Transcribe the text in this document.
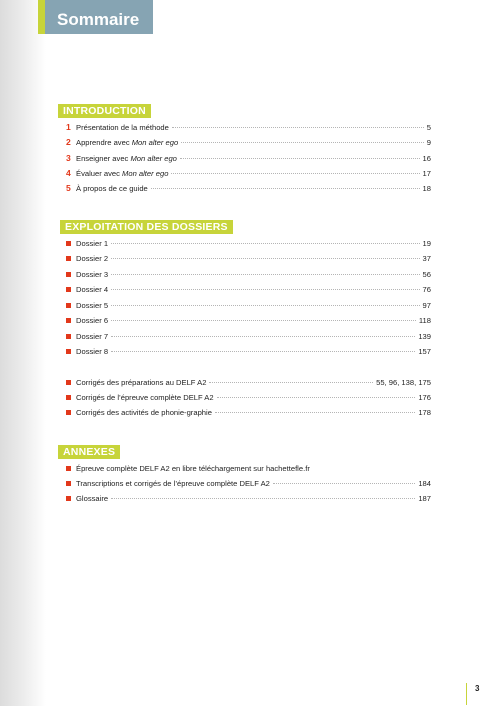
Sommaire
INTRODUCTION
1 Présentation de la méthode	5
2 Apprendre avec Mon alter ego	9
3 Enseigner avec Mon alter ego	16
4 Évaluer avec Mon alter ego	17
5 À propos de ce guide	18
EXPLOITATION DES DOSSIERS
Dossier 1	19
Dossier 2	37
Dossier 3	56
Dossier 4	76
Dossier 5	97
Dossier 6	118
Dossier 7	139
Dossier 8	157
Corrigés des préparations au DELF A2	55, 96, 138, 175
Corrigés de l’épreuve complète DELF A2	176
Corrigés des activités de phonie-graphie	178
ANNEXES
Épreuve complète DELF A2 en libre téléchargement sur hachettefle.fr
Transcriptions et corrigés de l’épreuve complète DELF A2	184
Glossaire	187
3
